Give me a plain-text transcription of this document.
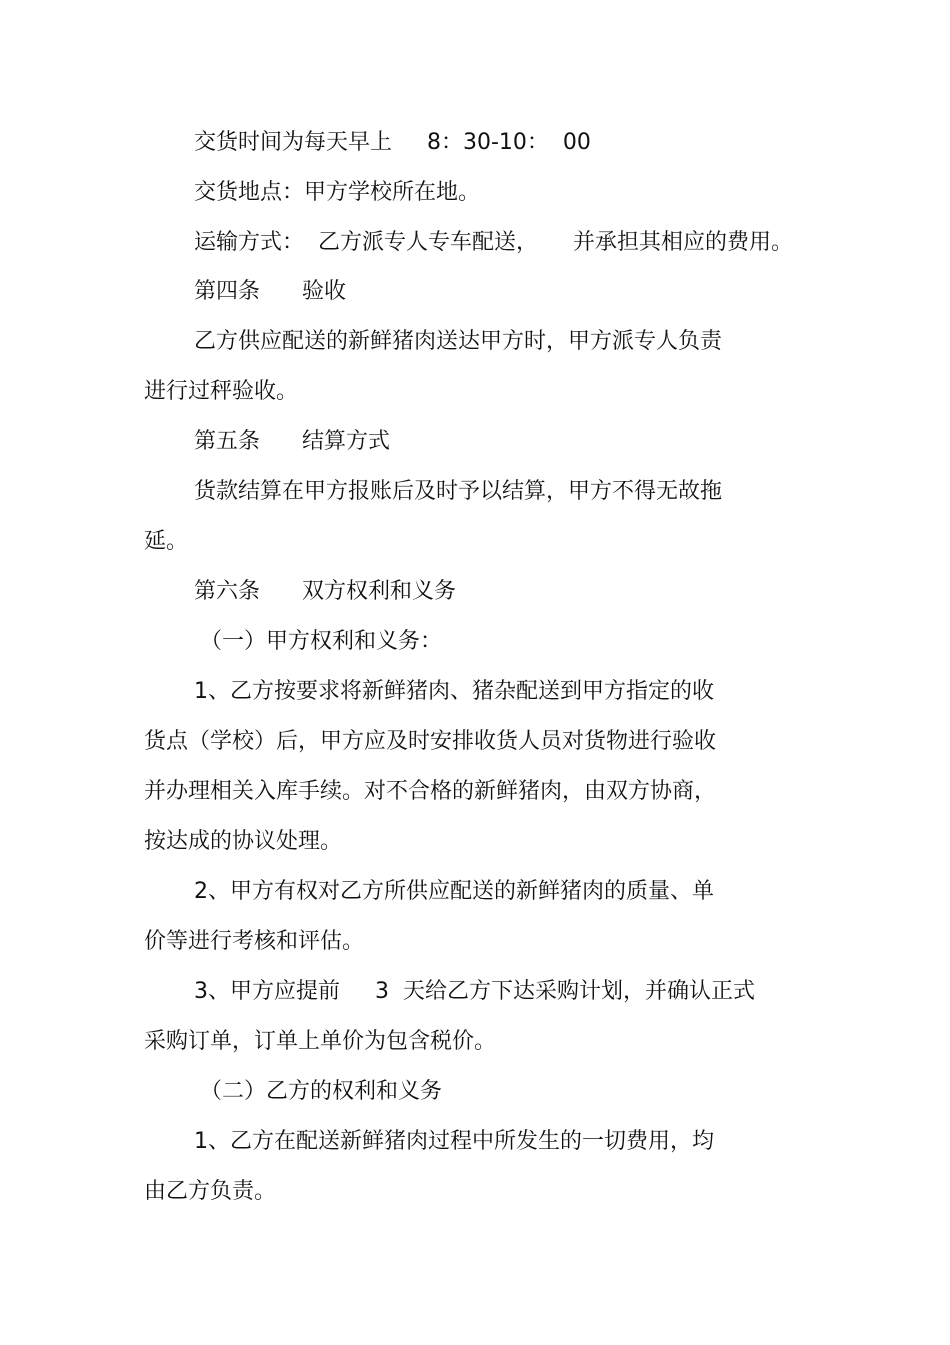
交货时间为每天早上     8：30-10：  00
交货地点：甲方学校所在地。
运输方式：  乙方派专人专车配送，     并承担其相应的费用。
第四条      验收
乙方供应配送的新鲜猪肉送达甲方时，甲方派专人负责
进行过秤验收。
第五条      结算方式
货款结算在甲方报账后及时予以结算，甲方不得无故拖
延。
第六条      双方权利和义务
（一）甲方权利和义务：
1、乙方按要求将新鲜猪肉、猪杂配送到甲方指定的收
货点（学校）后，甲方应及时安排收货人员对货物进行验收
并办理相关入库手续。对不合格的新鲜猪肉，由双方协商，
按达成的协议处理。
2、甲方有权对乙方所供应配送的新鲜猪肉的质量、单
价等进行考核和评估。
3、甲方应提前     3  天给乙方下达采购计划，并确认正式
采购订单，订单上单价为包含税价。
（二）乙方的权利和义务
1、乙方在配送新鲜猪肉过程中所发生的一切费用，均
由乙方负责。
